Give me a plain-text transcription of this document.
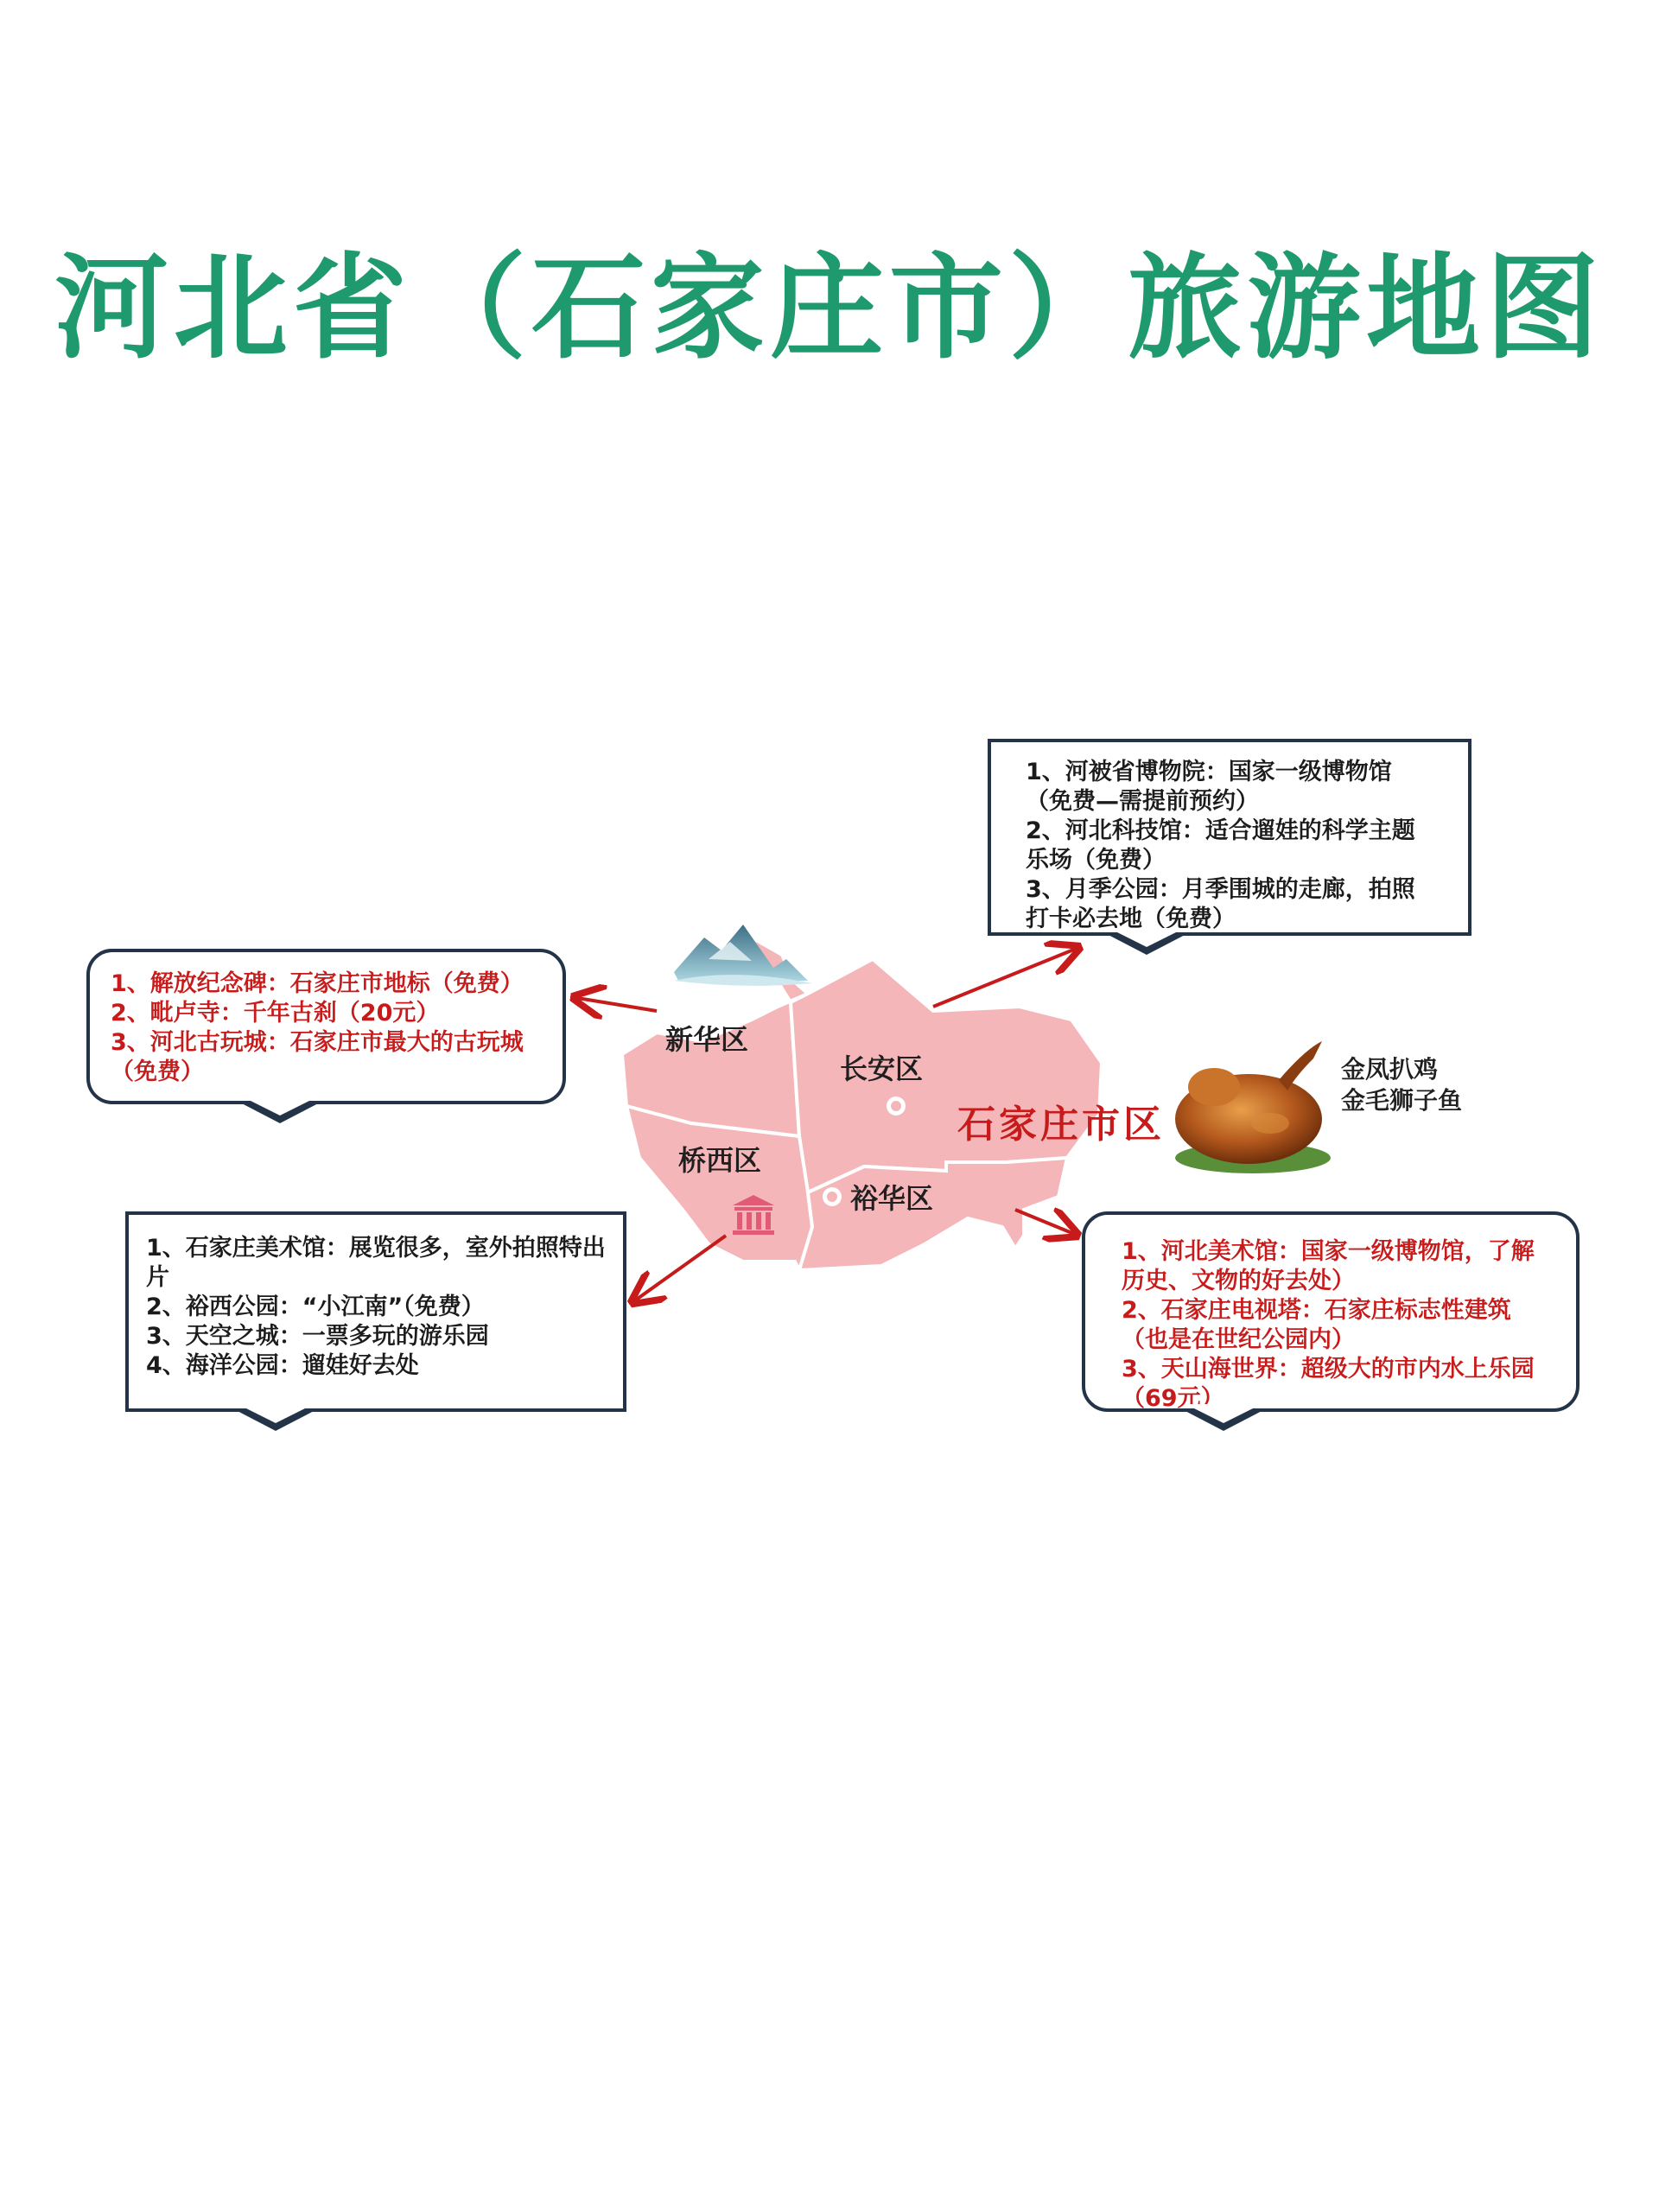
河北省（石家庄市）旅游地图
新华区
长安区
桥西区
裕华区
石家庄市区
金凤扒鸡
金毛狮子鱼

1、解放纪念碑：石家庄市地标（免费）

2、毗卢寺：千年古刹（20元）

3、河北古玩城：石家庄市最大的古玩城（免费）

1、河被省博物院：国家一级博物馆（免费—需提前预约）

2、河北科技馆：适合遛娃的科学主题乐场（免费）

3、月季公园：月季围城的走廊，拍照打卡必去地（免费）

1、石家庄美术馆：展览很多，室外拍照特出片

2、裕西公园：“小江南”（免费）

3、天空之城：一票多玩的游乐园

4、海洋公园：遛娃好去处

1、河北美术馆：国家一级博物馆，了解历史、文物的好去处）

2、石家庄电视塔：石家庄标志性建筑（也是在世纪公园内）

3、天山海世界：超级大的市内水上乐园（69元）
